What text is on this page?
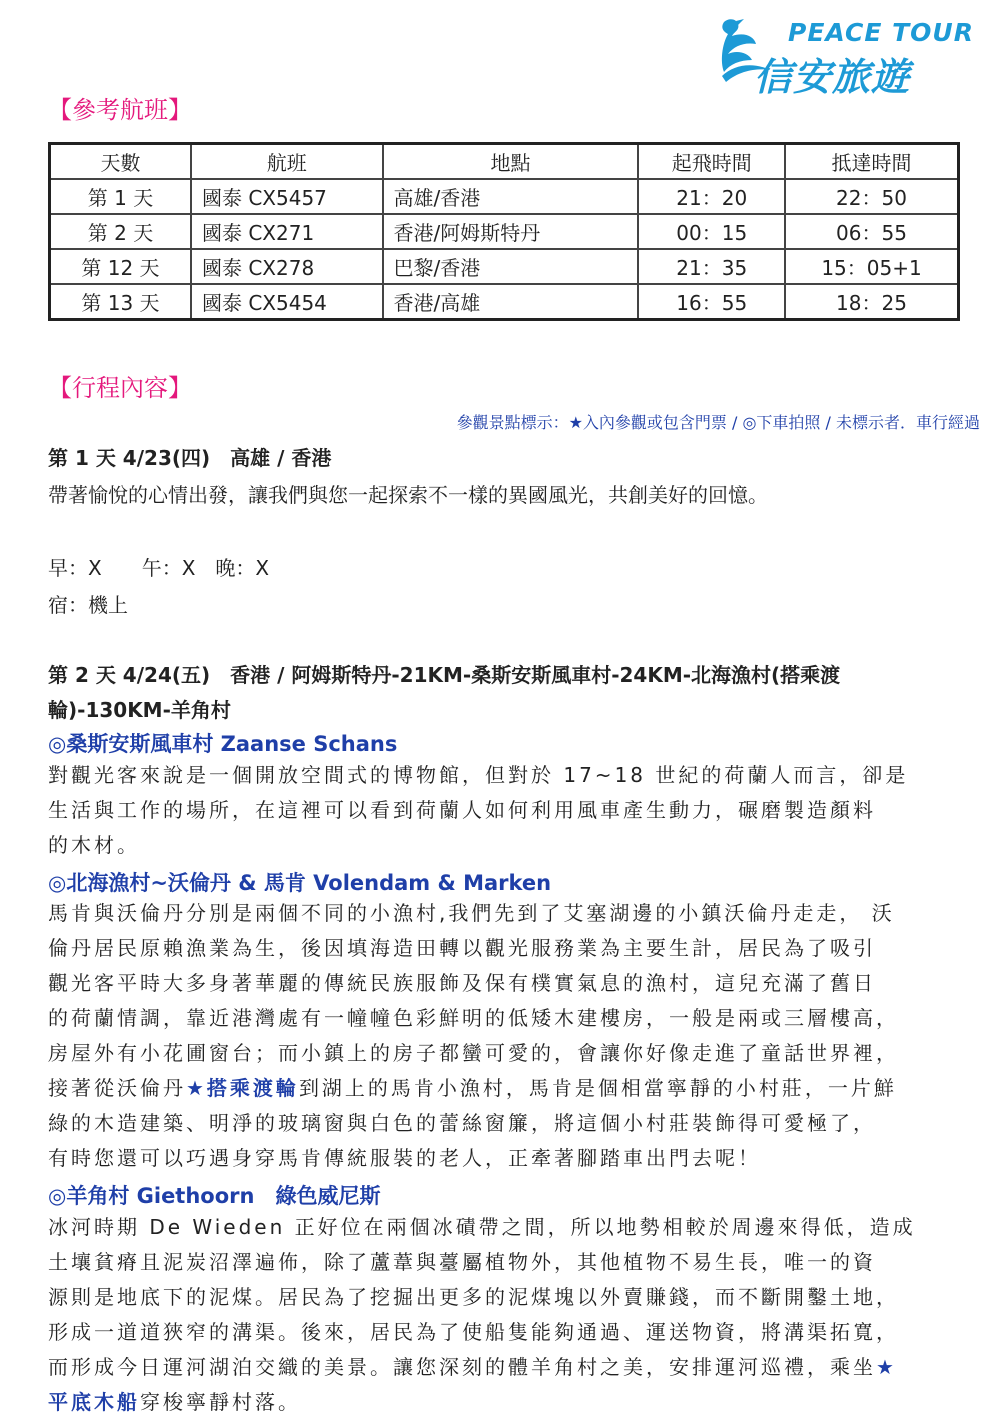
PEACE TOUR
信安旅遊
【參考航班】
天數	航班	地點	起飛時間	抵達時間
第 1 天	國泰 CX5457	高雄/香港	21：20	22：50
第 2 天	國泰 CX271	香港/阿姆斯特丹	00：15	06：55
第 12 天	國泰 CX278	巴黎/香港	21：35	15：05+1
第 13 天	國泰 CX5454	香港/高雄	16：55	18：25
【行程內容】
參觀景點標示：★入內參觀或包含門票 / ◎下車拍照 / 未標示者．車行經過
第 1 天 4/23(四)　高雄 / 香港
帶著愉悅的心情出發，讓我們與您一起探索不一樣的異國風光，共創美好的回憶。
早：X　　午：X　晚：X
宿：機上
第 2 天 4/24(五)　香港 / 阿姆斯特丹-21KM-桑斯安斯風車村-24KM-北海漁村(搭乘渡
輪)-130KM-羊角村
◎桑斯安斯風車村 Zaanse Schans
對觀光客來說是一個開放空間式的博物館，但對於 17~18 世紀的荷蘭人而言，卻是
生活與工作的場所，在這裡可以看到荷蘭人如何利用風車產生動力，碾磨製造顏料
的木材。
◎北海漁村~沃倫丹 & 馬肯 Volendam & Marken
馬肯與沃倫丹分別是兩個不同的小漁村,我們先到了艾塞湖邊的小鎮沃倫丹走走， 沃
倫丹居民原賴漁業為生，後因填海造田轉以觀光服務業為主要生計，居民為了吸引
觀光客平時大多身著華麗的傳統民族服飾及保有樸實氣息的漁村，這兒充滿了舊日
的荷蘭情調，靠近港灣處有一幢幢色彩鮮明的低矮木建樓房，一般是兩或三層樓高，
房屋外有小花圃窗台；而小鎮上的房子都蠻可愛的，會讓你好像走進了童話世界裡，
接著從沃倫丹★搭乘渡輪到湖上的馬肯小漁村，馬肯是個相當寧靜的小村莊，一片鮮
綠的木造建築、明淨的玻璃窗與白色的蕾絲窗簾，將這個小村莊裝飾得可愛極了，
有時您還可以巧遇身穿馬肯傳統服裝的老人，正牽著腳踏車出門去呢！
◎羊角村 Giethoorn　綠色威尼斯
冰河時期 De Wieden 正好位在兩個冰磧帶之間，所以地勢相較於周邊來得低，造成
土壤貧瘠且泥炭沼澤遍佈，除了蘆葦與薹屬植物外，其他植物不易生長，唯一的資
源則是地底下的泥煤。居民為了挖掘出更多的泥煤塊以外賣賺錢，而不斷開鑿土地，
形成一道道狹窄的溝渠。後來，居民為了使船隻能夠通過、運送物資，將溝渠拓寬，
而形成今日運河湖泊交織的美景。讓您深刻的體羊角村之美，安排運河巡禮，乘坐★
平底木船穿梭寧靜村落。
